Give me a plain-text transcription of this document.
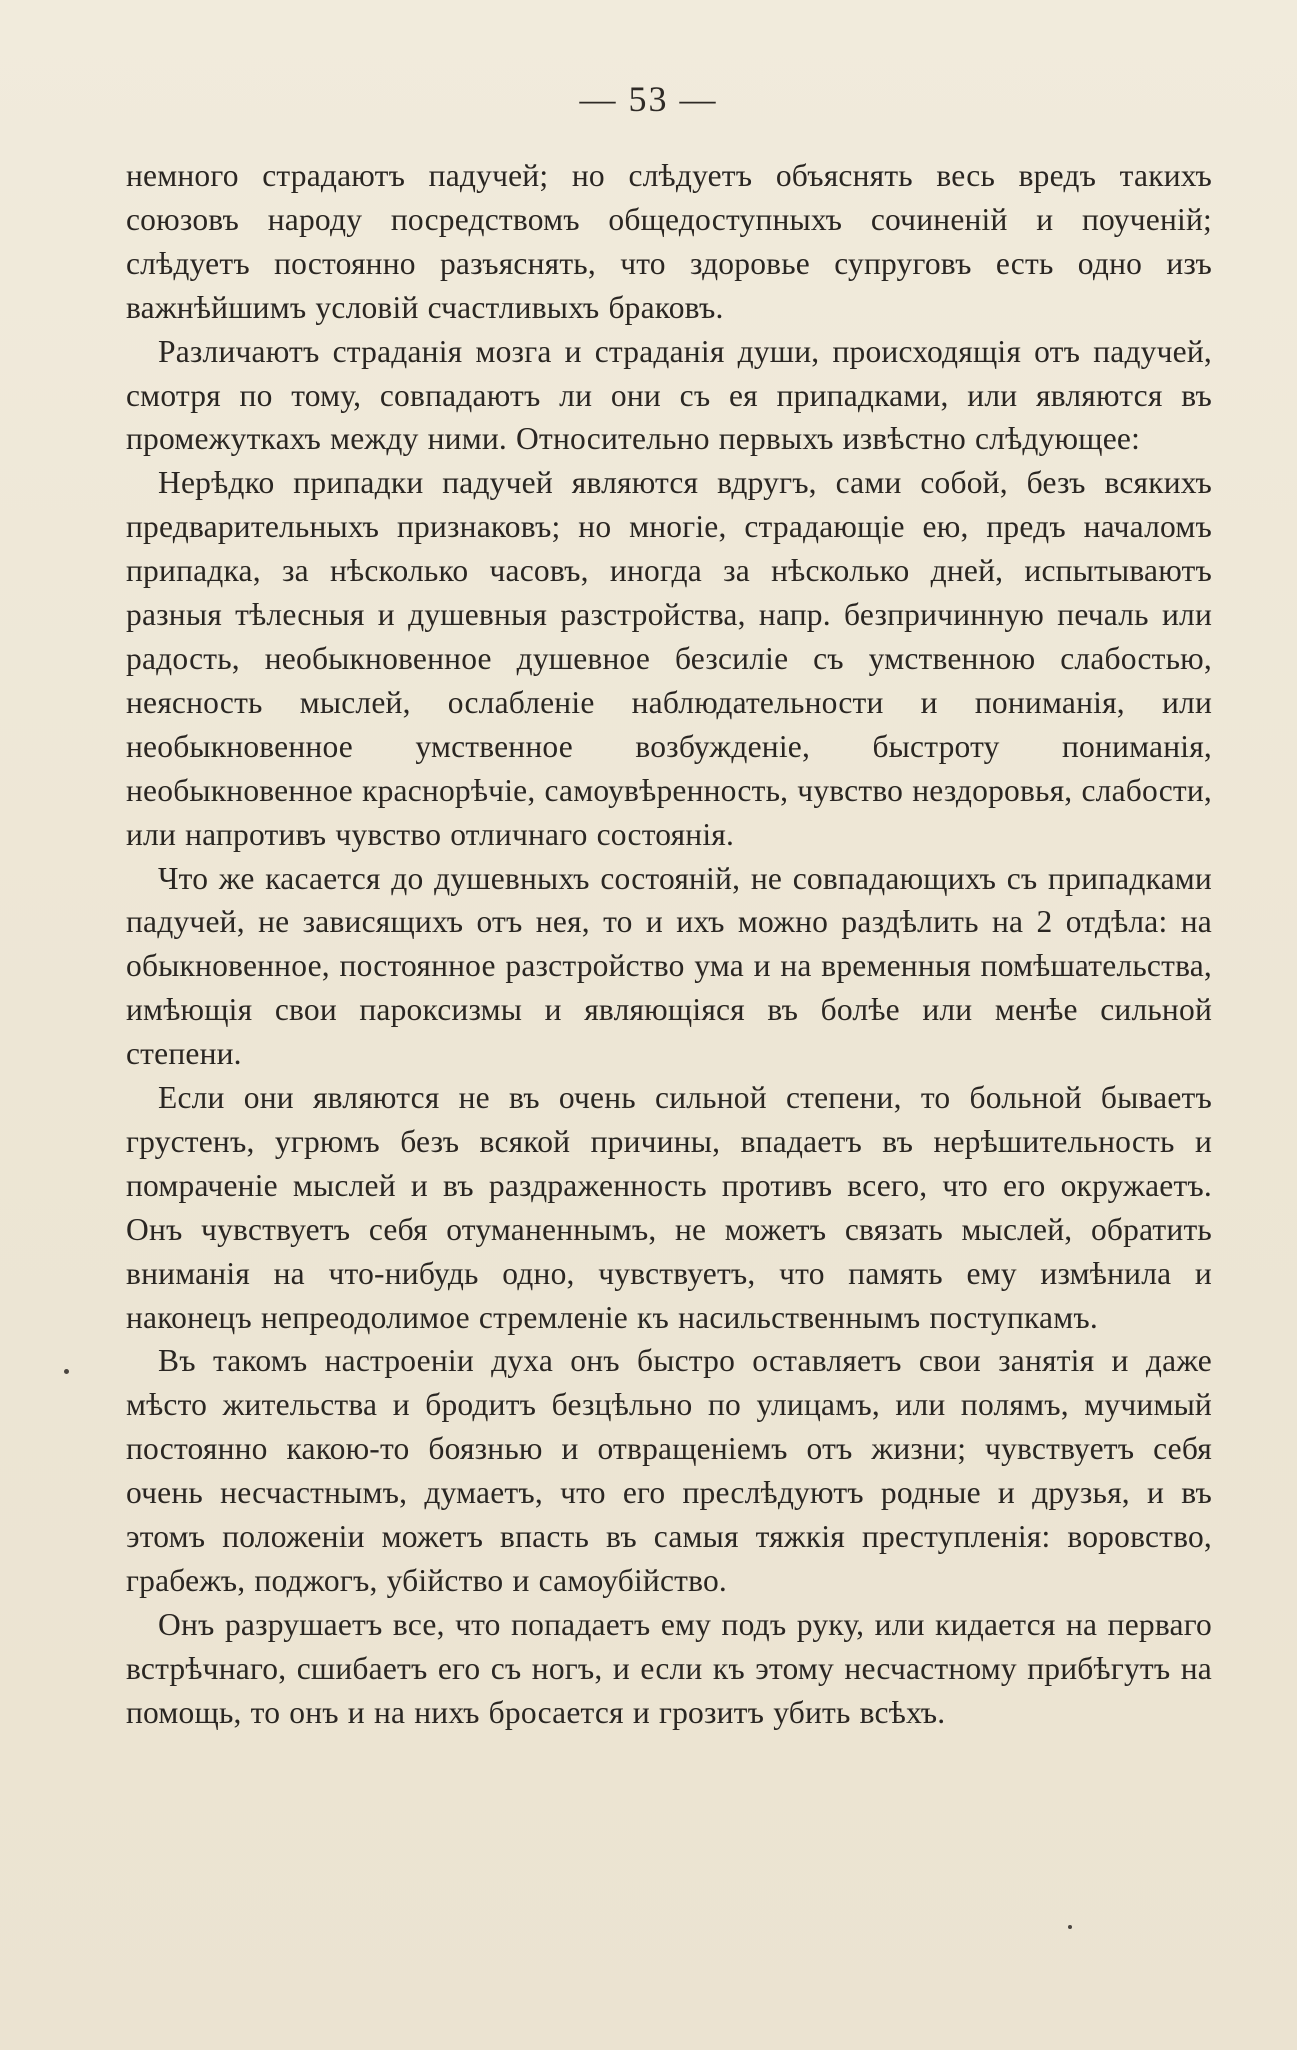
— 53 —

немного страдаютъ падучей; но слѣдуетъ объяснять весь вредъ такихъ союзовъ народу посредствомъ общедоступныхъ сочиненій и поученій; слѣдуетъ постоянно разъяснять, что здоровье супруговъ есть одно изъ важнѣйшимъ условій счастливыхъ браковъ.

Различаютъ страданія мозга и страданія души, происходящія отъ падучей, смотря по тому, совпадаютъ ли они съ ея припадками, или являются въ промежуткахъ между ними. Относительно первыхъ извѣстно слѣдующее:

Нерѣдко припадки падучей являются вдругъ, сами собой, безъ всякихъ предварительныхъ признаковъ; но многіе, страдающіе ею, предъ началомъ припадка, за нѣсколько часовъ, иногда за нѣсколько дней, испытываютъ разныя тѣлесныя и душевныя разстройства, напр. безпричинную печаль или радость, необыкновенное душевное безсиліе съ умственною слабостью, неясность мыслей, ослабленіе наблюдательности и пониманія, или необыкновенное умственное возбужденіе, быстроту пониманія, необыкновенное краснорѣчіе, самоувѣренность, чувство нездоровья, слабости, или напротивъ чувство отличнаго состоянія.

Что же касается до душевныхъ состояній, не совпадающихъ съ припадками падучей, не зависящихъ отъ нея, то и ихъ можно раздѣлить на 2 отдѣла: на обыкновенное, постоянное разстройство ума и на временныя помѣшательства, имѣющія свои пароксизмы и являющіяся въ болѣе или менѣе сильной степени.

Если они являются не въ очень сильной степени, то больной бываетъ грустенъ, угрюмъ безъ всякой причины, впадаетъ въ нерѣшительность и помраченіе мыслей и въ раздраженность противъ всего, что его окружаетъ. Онъ чувствуетъ себя отуманеннымъ, не можетъ связать мыслей, обратить вниманія на что-нибудь одно, чувствуетъ, что память ему измѣнила и наконецъ непреодолимое стремленіе къ насильственнымъ поступкамъ.

Въ такомъ настроеніи духа онъ быстро оставляетъ свои занятія и даже мѣсто жительства и бродитъ безцѣльно по улицамъ, или полямъ, мучимый постоянно какою-то боязнью и отвращеніемъ отъ жизни; чувствуетъ себя очень несчастнымъ, думаетъ, что его преслѣдуютъ родные и друзья, и въ этомъ положеніи можетъ впасть въ самыя тяжкія преступленія: воровство, грабежъ, поджогъ, убійство и самоубійство.

Онъ разрушаетъ все, что попадаетъ ему подъ руку, или кидается на перваго встрѣчнаго, сшибаетъ его съ ногъ, и если къ этому несчастному прибѣгутъ на помощь, то онъ и на нихъ бросается и грозитъ убить всѣхъ.
